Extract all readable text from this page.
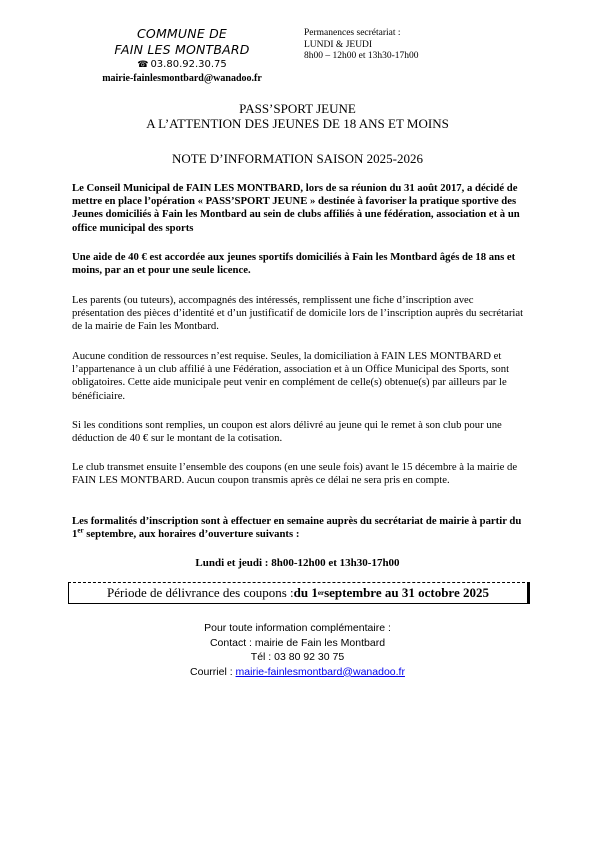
COMMUNE DE
FAIN LES MONTBARD
☎ 03.80.92.30.75
mairie-fainlesmontbard@wanadoo.fr
Permanences secrétariat :
LUNDI & JEUDI
8h00 – 12h00 et 13h30-17h00
PASS’SPORT JEUNE
A L’ATTENTION DES JEUNES DE 18 ANS ET MOINS
NOTE D’INFORMATION SAISON 2025-2026
Le Conseil Municipal de FAIN LES MONTBARD, lors de sa réunion du 31 août 2017, a décidé de mettre en place l’opération « PASS’SPORT JEUNE » destinée à favoriser la pratique sportive des Jeunes domiciliés à Fain les Montbard au sein de clubs affiliés à une fédération, association et à un office municipal des sports
Une aide de 40 € est accordée aux jeunes sportifs domiciliés à Fain les Montbard âgés de 18 ans et moins, par an et pour une seule licence.
Les parents (ou tuteurs), accompagnés des intéressés, remplissent une fiche d’inscription avec présentation des pièces d’identité et d’un justificatif de domicile lors de l’inscription auprès du secrétariat de la mairie de Fain les Montbard.
Aucune condition de ressources n’est requise. Seules, la domiciliation à FAIN LES MONTBARD et l’appartenance à un club affilié à une Fédération, association et à un Office Municipal des Sports, sont obligatoires. Cette aide municipale peut venir en complément de celle(s) obtenue(s) par ailleurs par le bénéficiaire.
Si les conditions sont remplies, un coupon est alors délivré au jeune qui le remet à son club pour une déduction de 40 € sur le montant de la cotisation.
Le club transmet ensuite l’ensemble des coupons (en une seule fois) avant le 15 décembre à la mairie de FAIN LES MONTBARD. Aucun coupon transmis après ce délai ne sera pris en compte.
Les formalités d’inscription sont à effectuer en semaine auprès du secrétariat de mairie à partir du 1er septembre, aux horaires d’ouverture suivants :
Lundi et jeudi : 8h00-12h00 et 13h30-17h00
Période de délivrance des coupons : du 1 er septembre au 31 octobre 2025
Pour toute information complémentaire :
Contact : mairie de Fain les Montbard
Tél : 03 80 92 30 75
Courriel : mairie-fainlesmontbard@wanadoo.fr
